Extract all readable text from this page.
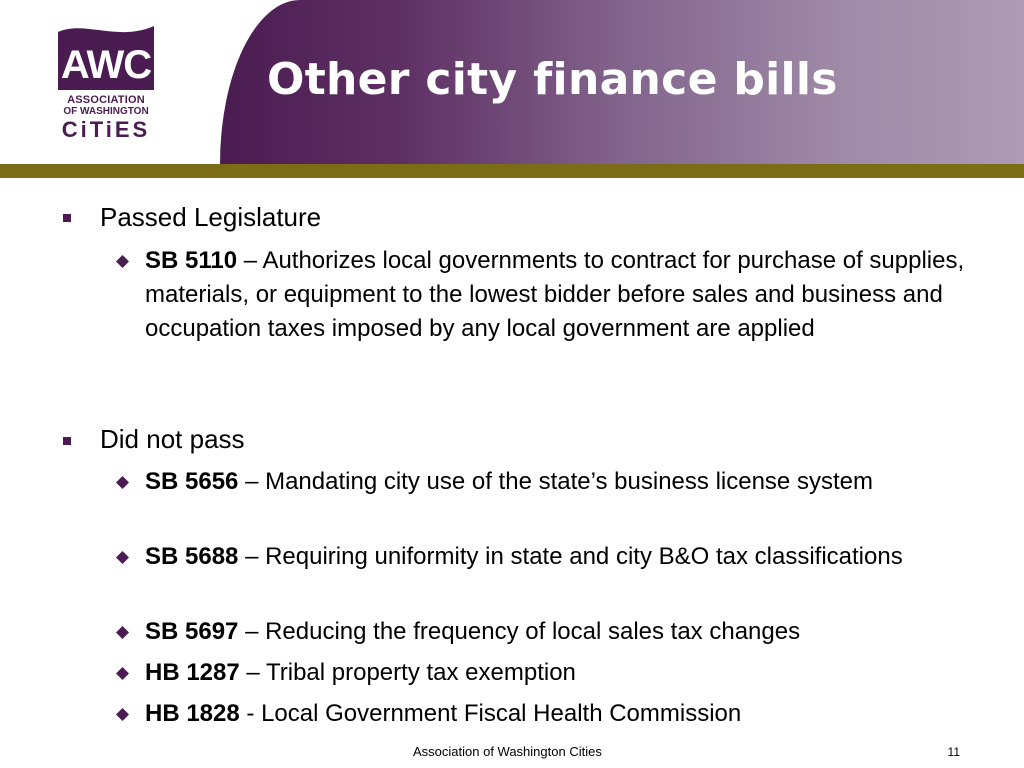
AWC
ASSOCIATION
OF WASHINGTON
CiTiES
Other city finance bills

Passed Legislature

SB 5110 – Authorizes local governments to contract for purchase of supplies, materials, or equipment to the lowest bidder before sales and business and occupation taxes imposed by any local government are applied

Did not pass

SB 5656 – Mandating city use of the state’s business license system

SB 5688 – Requiring uniformity in state and city B&O tax classifications

SB 5697 – Reducing the frequency of local sales tax changes

HB 1287 – Tribal property tax exemption

HB 1828 - Local Government Fiscal Health Commission

Association of Washington Cities	11
